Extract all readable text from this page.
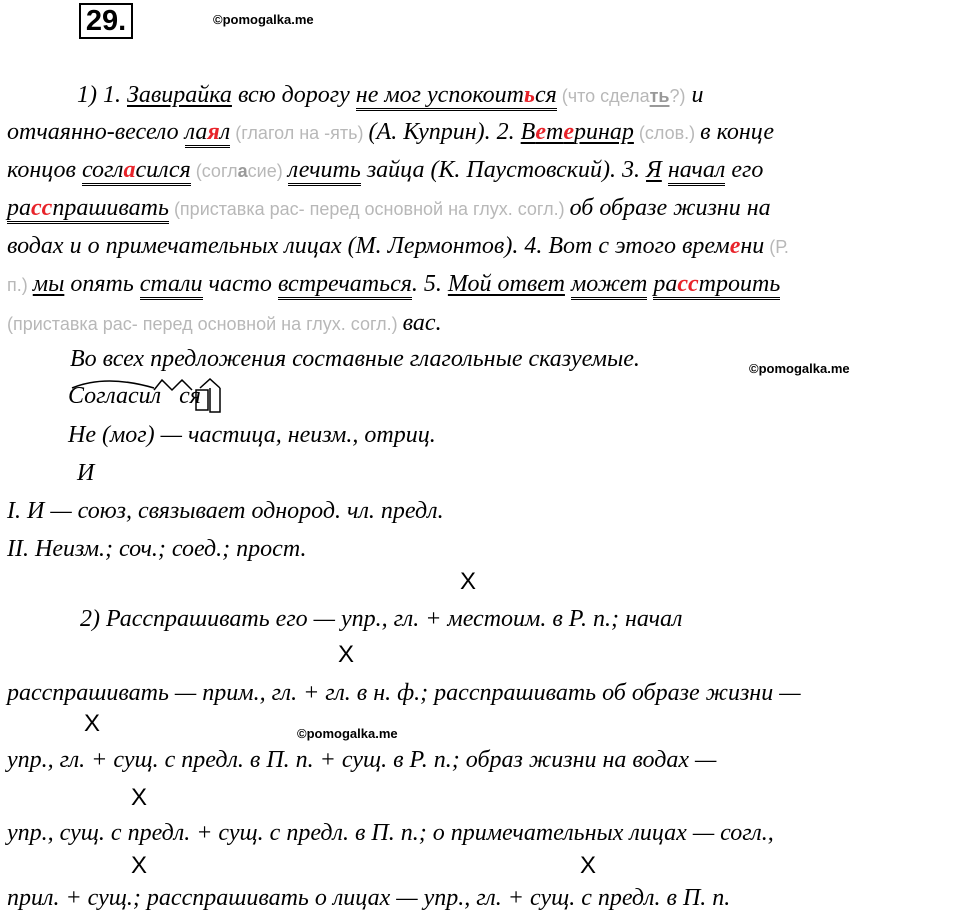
29.	©pomogalka.me
1) 1. Завирайка всю дорогу не мог успокоиться (что сделать?) и
отчаянно-весело лаял (глагол на -ять) (А. Куприн). 2. Ветеринар (слов.) в конце
концов согласился (согласие) лечить зайца (К. Паустовский). 3. Я начал его
расспрашивать (приставка рас- перед основной на глух. согл.) об образе жизни на
водах и о примечательных лицах (М. Лермонтов). 4. Вот с этого времени (Р.
п.) мы опять стали часто встречаться. 5. Мой ответ может расстроить
(приставка рас- перед основной на глух. согл.) вас.
Во всех предложения составные глагольные сказуемые.	©pomogalka.me
Согласил ся
Не (мог) — частица, неизм., отриц.
И
I. И — союз, связывает однород. чл. предл.
II. Неизм.; соч.; соед.; прост.
X
2) Расспрашивать его — упр., гл. + местоим. в Р. п.; начал
X
расспрашивать — прим., гл. + гл. в н. ф.; расспрашивать об образе жизни —
X	©pomogalka.me
упр., гл. + сущ. с предл. в П. п. + сущ. в Р. п.; образ жизни на водах —
X
упр., сущ. с предл. + сущ. с предл. в П. п.; о примечательных лицах — согл.,
X	X
прил. + сущ.; расспрашивать о лицах — упр., гл. + сущ. с предл. в П. п.
